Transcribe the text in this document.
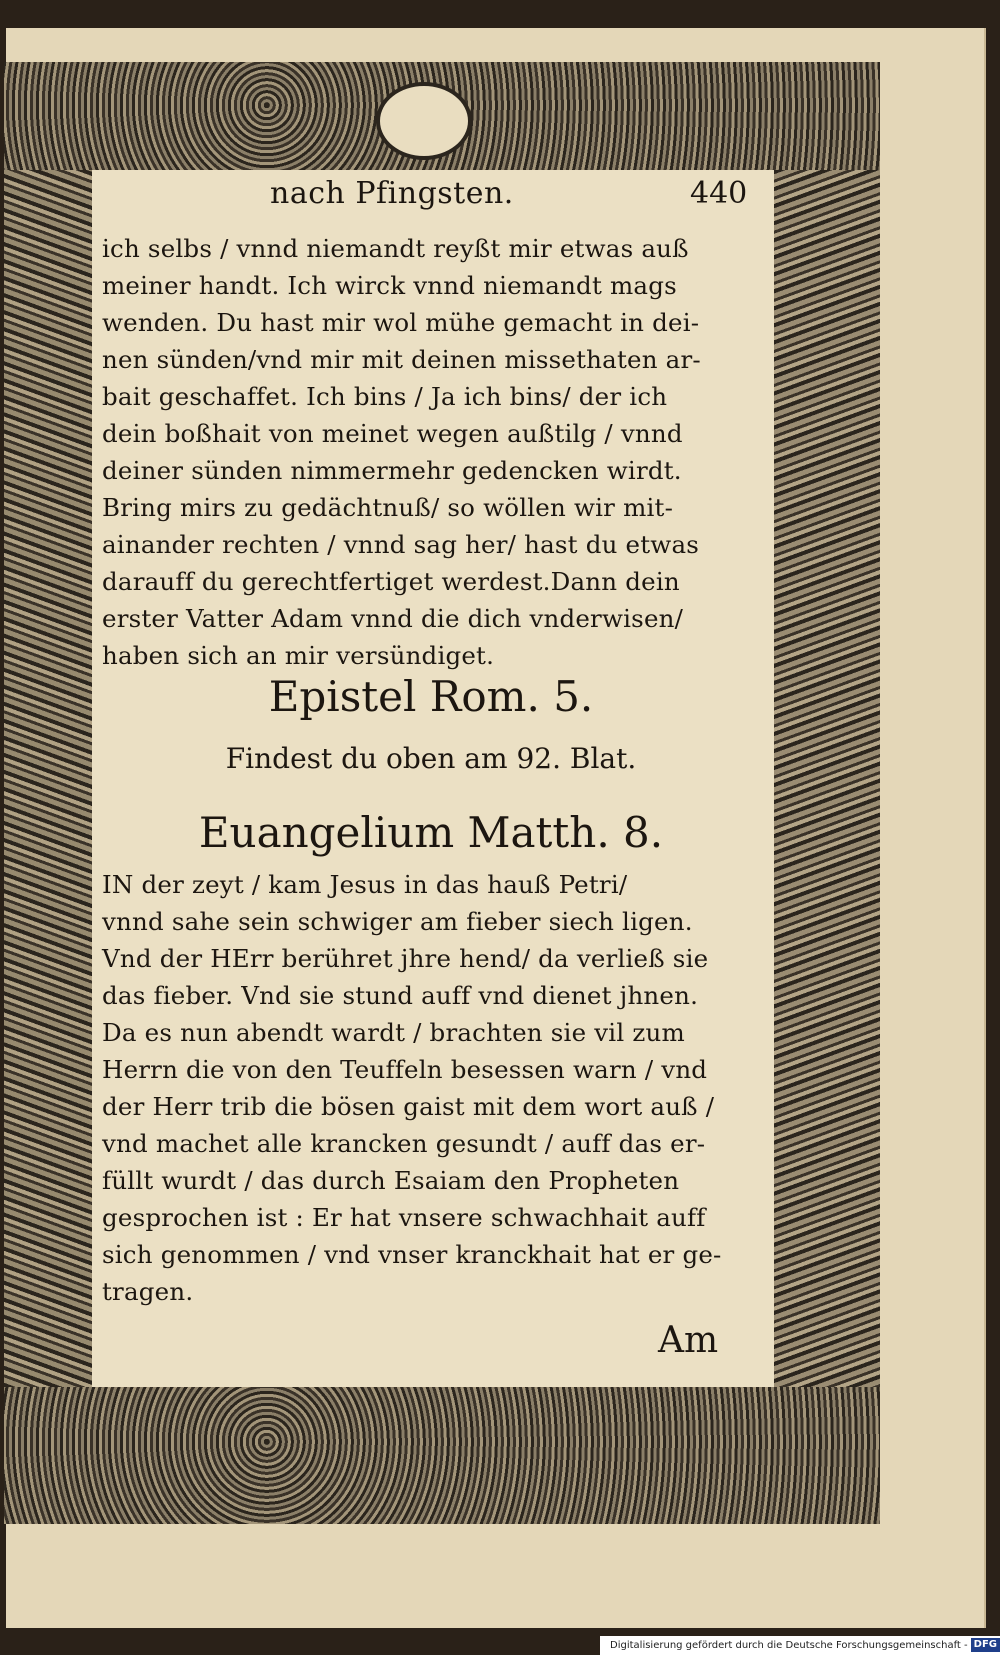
nach Pfingsten.	440
ich selbs / vnnd niemandt reyßt mir etwas auß
meiner handt. Ich wirck vnnd niemandt mags
wenden. Du hast mir wol mühe gemacht in dei-
nen sünden/vnd mir mit deinen missethaten ar-
bait geschaffet. Ich bins / Ja ich bins/ der ich
dein boßhait von meinet wegen außtilg / vnnd
deiner sünden nimmermehr gedencken wirdt.
Bring mirs zu gedächtnuß/ so wöllen wir mit-
ainander rechten / vnnd sag her/ hast du etwas
darauff du gerechtfertiget werdest.Dann dein
erster Vatter Adam vnnd die dich vnderwisen/
haben sich an mir versündiget.
Epistel Rom. 5.
Findest du oben am 92. Blat.
Euangelium Matth. 8.
IN der zeyt / kam Jesus in das hauß Petri/
vnnd sahe sein schwiger am fieber siech ligen.
Vnd der HErr berühret jhre hend/ da verließ sie
das fieber. Vnd sie stund auff vnd dienet jhnen.
Da es nun abendt wardt / brachten sie vil zum
Herrn die von den Teuffeln besessen warn / vnd
der Herr trib die bösen gaist mit dem wort auß /
vnd machet alle krancken gesundt / auff das er-
füllt wurdt / das durch Esaiam den Propheten
gesprochen ist : Er hat vnsere schwachhait auff
sich genommen / vnd vnser kranckhait hat er ge-
tragen.
Am
Digitalisierung gefördert durch die Deutsche Forschungsgemeinschaft - DFG
